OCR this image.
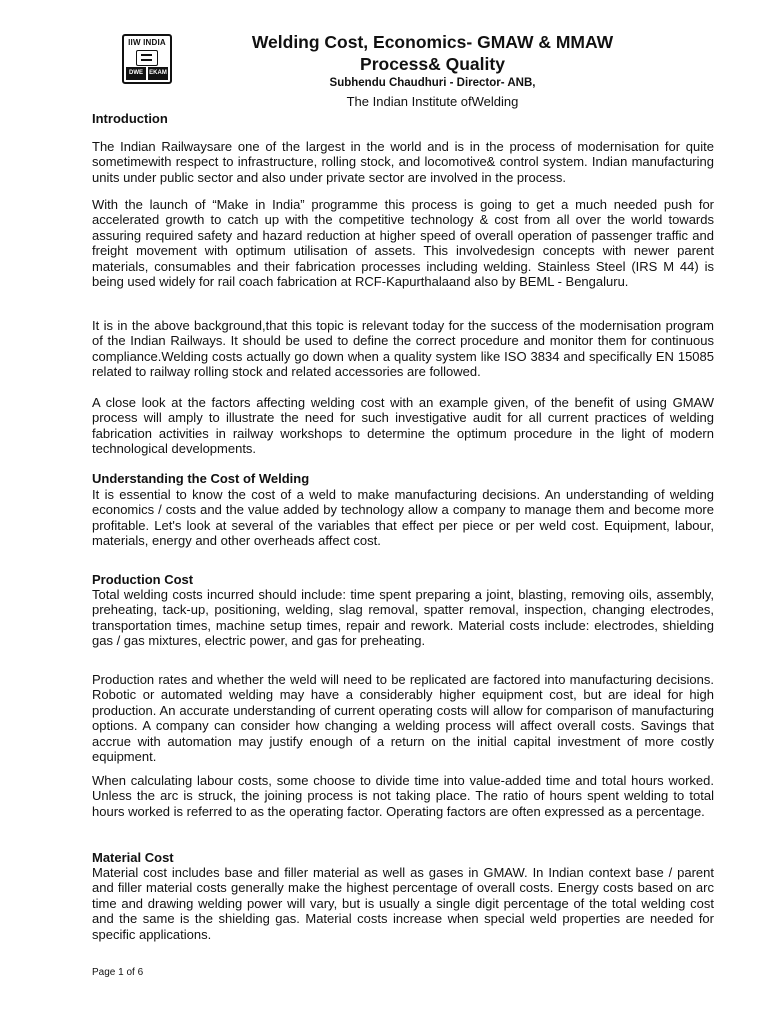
IIW INDIA
DWE	EKAM
Welding Cost, Economics- GMAW & MMAW
Process& Quality
Subhendu Chaudhuri - Director- ANB,
The Indian Institute ofWelding
Introduction

The Indian Railwaysare one of the largest in the world and is in the process of modernisation for quite sometimewith respect to infrastructure, rolling stock, and locomotive& control system. Indian manufacturing units under public sector and also under private sector are involved in the process.

With the launch of “Make in India” programme this process is going to get a much needed push for accelerated growth to catch up with the competitive technology & cost from all over the world towards assuring required safety and hazard reduction at higher speed of overall operation of passenger traffic and freight movement with optimum utilisation of assets. This involvedesign concepts with newer parent materials, consumables and their fabrication processes including welding. Stainless Steel (IRS M 44) is being used widely for rail coach fabrication at RCF-Kapurthalaand also by BEML - Bengaluru.

It is in the above background,that this topic is relevant today for the success of the modernisation program of the Indian Railways. It should be used to define the correct procedure and monitor them for continuous compliance.Welding costs actually go down when a quality system like ISO 3834 and specifically EN 15085 related to railway rolling stock and related accessories are followed.

A close look at the factors affecting welding cost with an example given, of the benefit of using GMAW process will amply to illustrate the need for such investigative audit for all current practices of welding fabrication activities in railway workshops to determine the optimum procedure in the light of modern technological developments.

Understanding the Cost of Welding

It is essential to know the cost of a weld to make manufacturing decisions. An understanding of welding economics / costs and the value added by technology allow a company to manage them and become more profitable. Let's look at several of the variables that effect per piece or per weld cost. Equipment, labour, materials, energy and other overheads affect cost.

Production Cost

Total welding costs incurred should include: time spent preparing a joint, blasting, removing oils, assembly, preheating, tack-up, positioning, welding, slag removal, spatter removal, inspection, changing electrodes, transportation times, machine setup times, repair and rework. Material costs include: electrodes, shielding gas / gas mixtures, electric power, and gas for preheating.

Production rates and whether the weld will need to be replicated are factored into manufacturing decisions. Robotic or automated welding may have a considerably higher equipment cost, but are ideal for high production. An accurate understanding of current operating costs will allow for comparison of manufacturing options. A company can consider how changing a welding process will affect overall costs. Savings that accrue with automation may justify enough of a return on the initial capital investment of more costly equipment.

When calculating labour costs, some choose to divide time into value-added time and total hours worked. Unless the arc is struck, the joining process is not taking place. The ratio of hours spent welding to total hours worked is referred to as the operating factor. Operating factors are often expressed as a percentage.

Material Cost

Material cost includes base and filler material as well as gases in GMAW. In Indian context base / parent and filler material costs generally make the highest percentage of overall costs. Energy costs based on arc time and drawing welding power will vary, but is usually a single digit percentage of the total welding cost and the same is the shielding gas. Material costs increase when special weld properties are needed for specific applications.

Page 1 of 6
